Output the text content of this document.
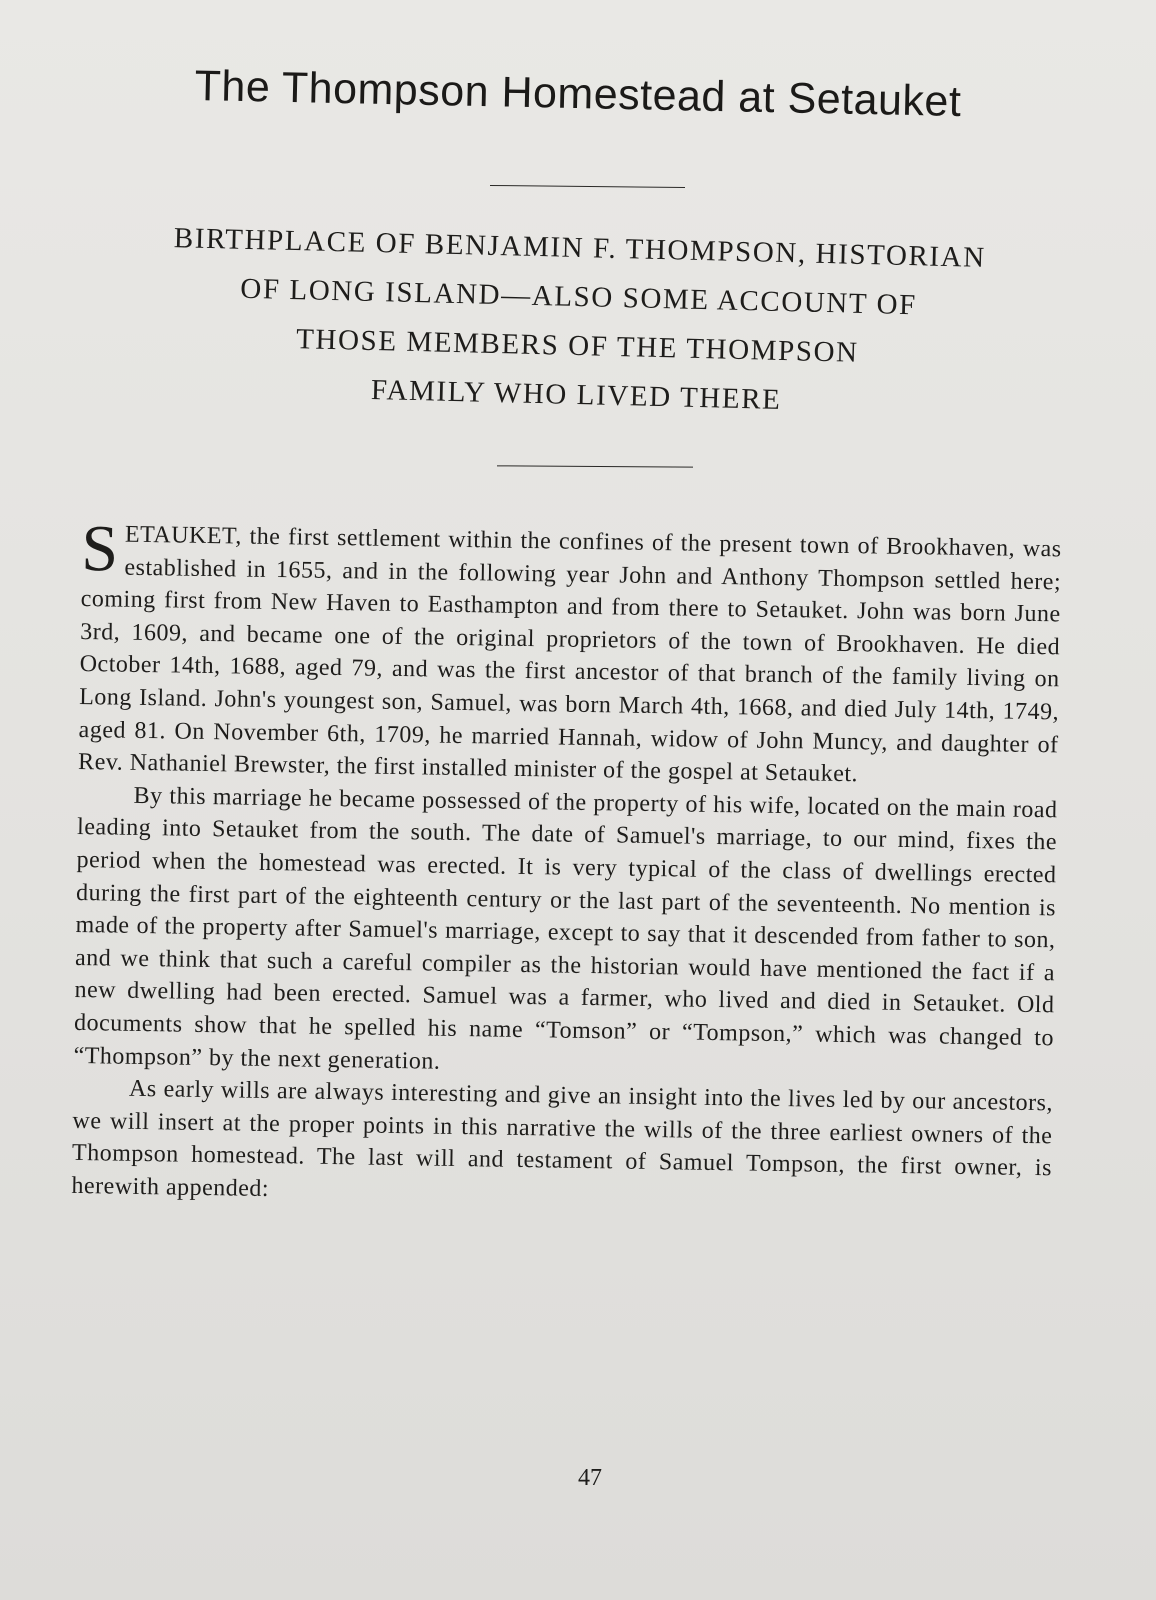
The Thompson Homestead at Setauket
BIRTHPLACE OF BENJAMIN F. THOMPSON, HISTORIAN
OF LONG ISLAND—ALSO SOME ACCOUNT OF
THOSE MEMBERS OF THE THOMPSON
FAMILY WHO LIVED THERE

SETAUKET, the first settlement within the confines of the present town of Brookhaven, was established in 1655, and in the following year John and Anthony Thompson settled here; coming first from New Haven to Easthampton and from there to Setauket. John was born June 3rd, 1609, and became one of the original proprietors of the town of Brookhaven. He died October 14th, 1688, aged 79, and was the first ancestor of that branch of the family living on Long Island. John's youngest son, Samuel, was born March 4th, 1668, and died July 14th, 1749, aged 81. On November 6th, 1709, he married Hannah, widow of John Muncy, and daughter of Rev. Nathaniel Brewster, the first installed minister of the gospel at Setauket.

By this marriage he became possessed of the property of his wife, located on the main road leading into Setauket from the south. The date of Samuel's marriage, to our mind, fixes the period when the homestead was erected. It is very typical of the class of dwellings erected during the first part of the eighteenth century or the last part of the seventeenth. No mention is made of the property after Samuel's marriage, except to say that it descended from father to son, and we think that such a careful compiler as the historian would have mentioned the fact if a new dwelling had been erected. Samuel was a farmer, who lived and died in Setauket. Old documents show that he spelled his name “Tomson” or “Tompson,” which was changed to “Thompson” by the next generation.

As early wills are always interesting and give an insight into the lives led by our ancestors, we will insert at the proper points in this narrative the wills of the three earliest owners of the Thompson homestead. The last will and testament of Samuel Tompson, the first owner, is herewith appended:

47
